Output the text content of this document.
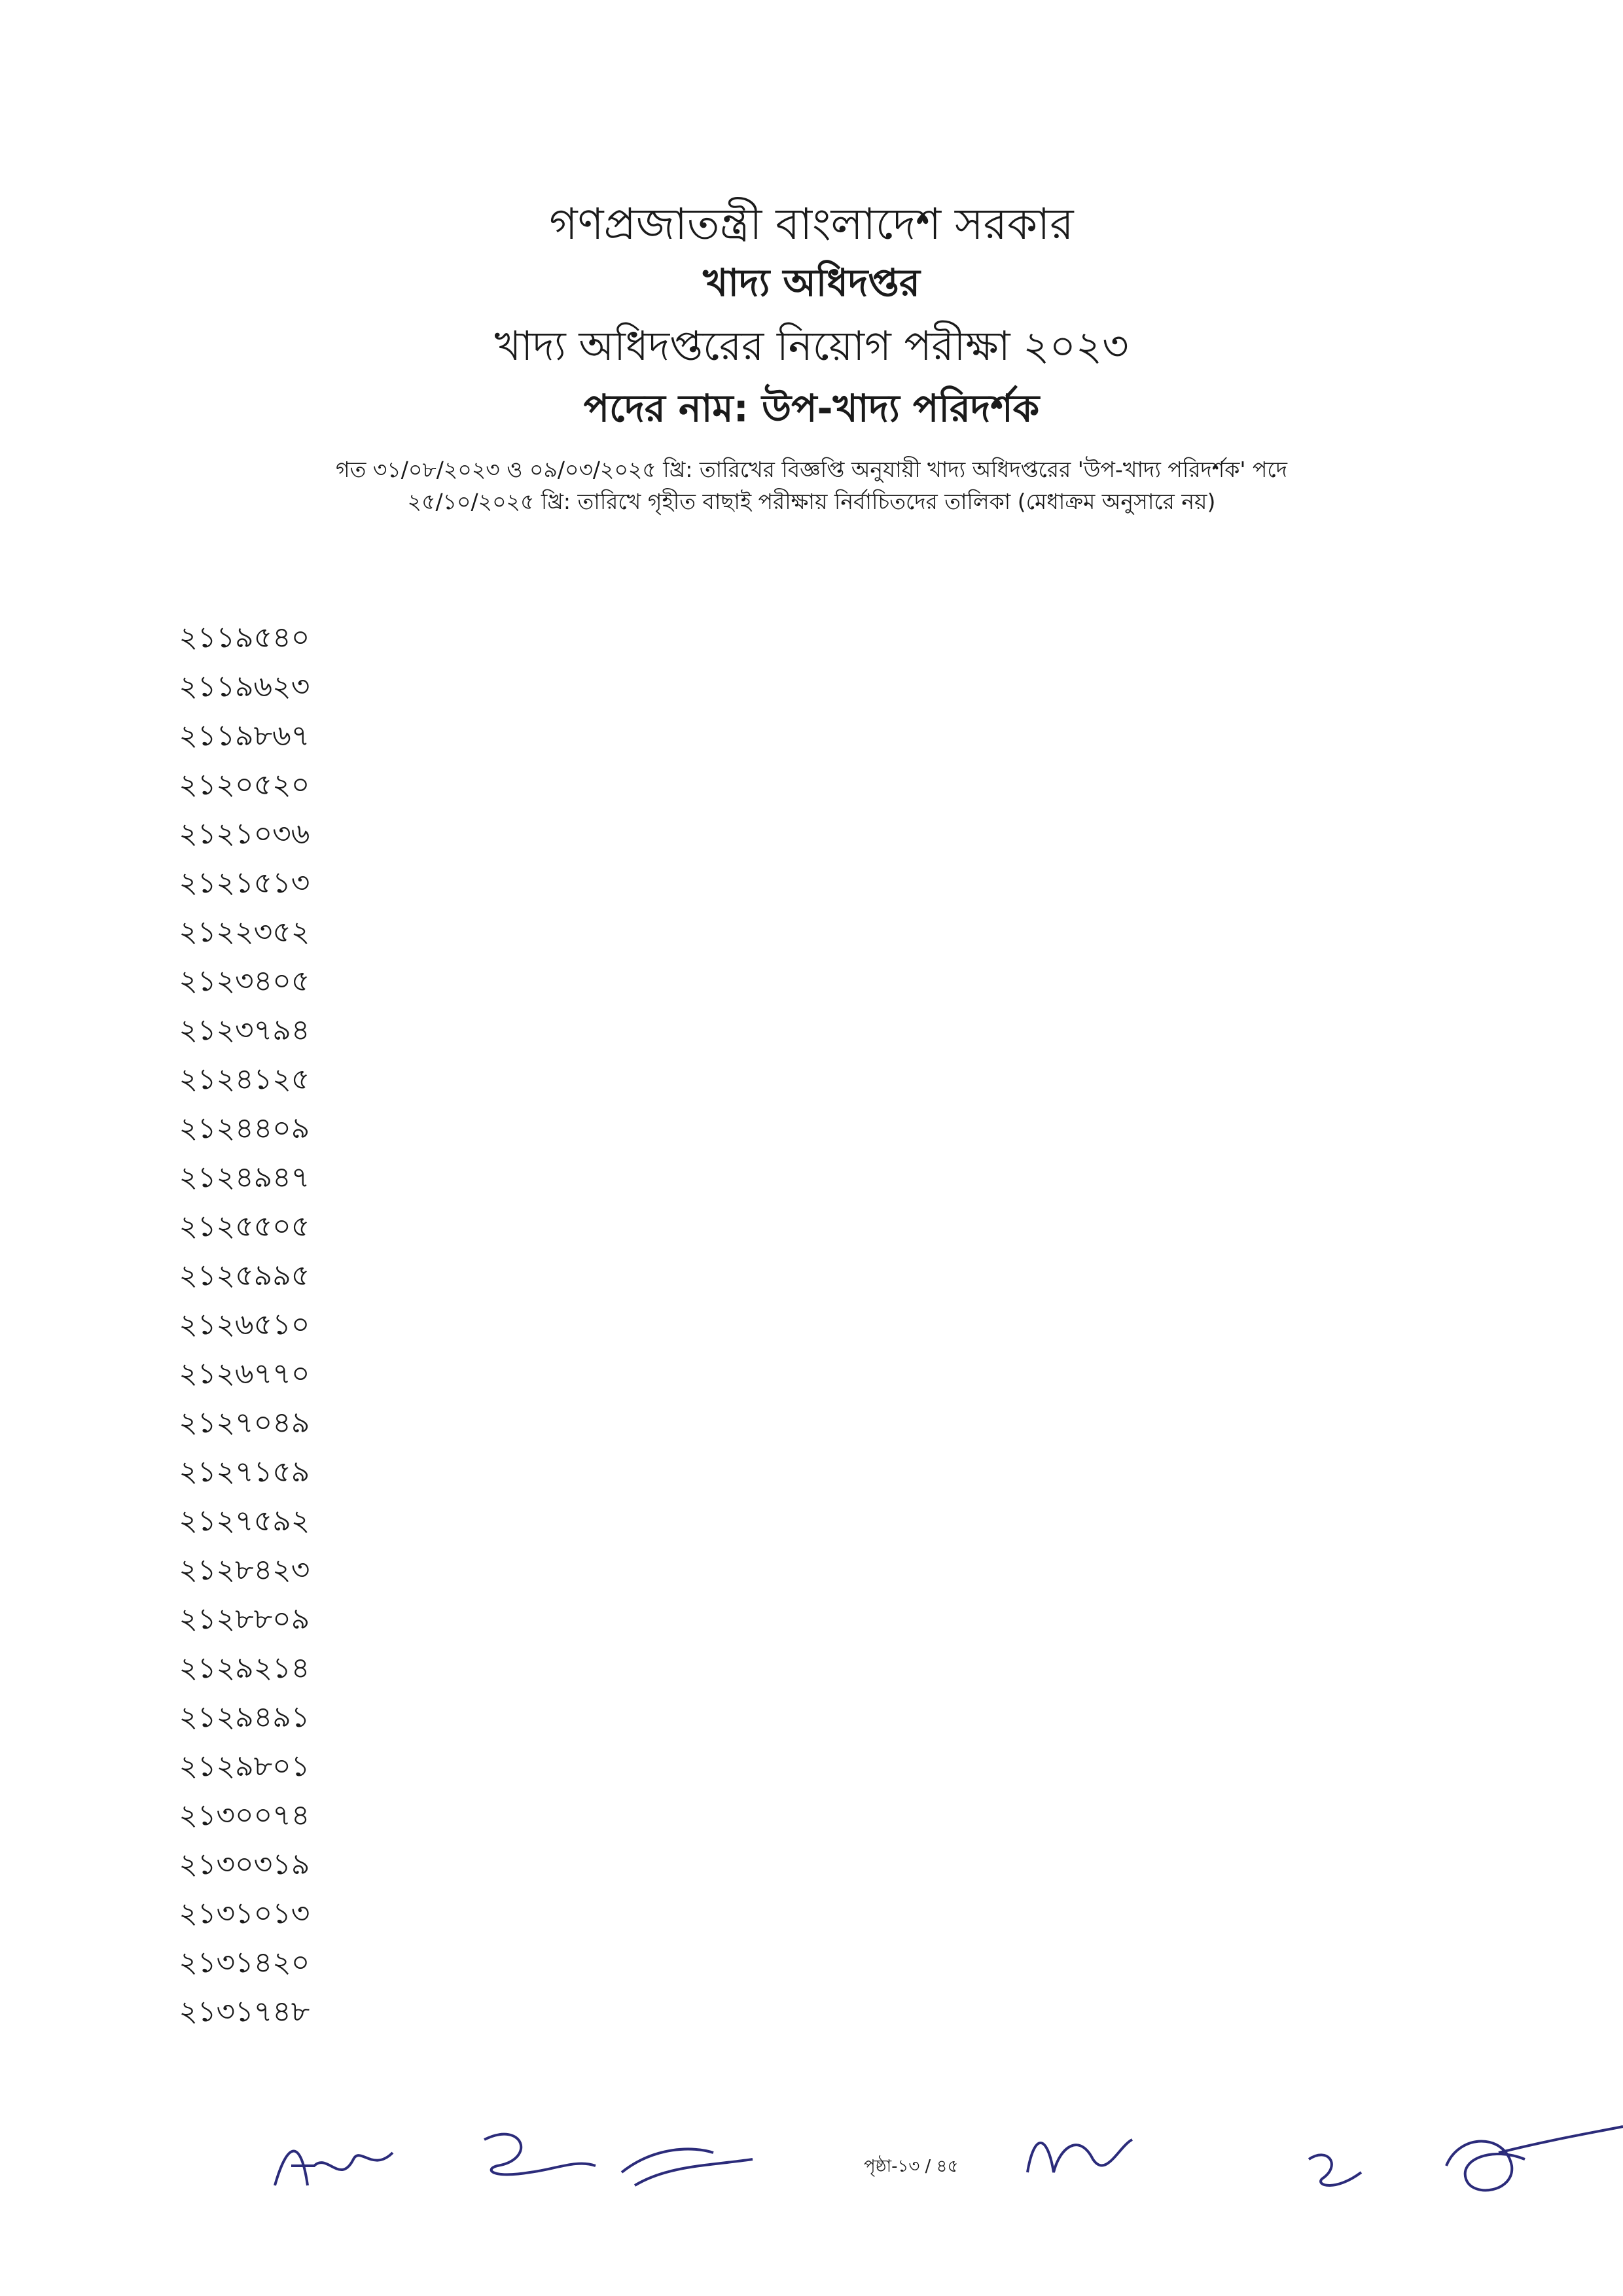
গণপ্রজাতন্ত্রী বাংলাদেশ সরকার

খাদ্য অধিদপ্তর

খাদ্য অধিদপ্তরের নিয়োগ পরীক্ষা ২০২৩

পদের নাম: উপ-খাদ্য পরিদর্শক

গত ৩১/০৮/২০২৩ ও ০৯/০৩/২০২৫ খ্রি: তারিখের বিজ্ঞপ্তি অনুযায়ী খাদ্য অধিদপ্তরের 'উপ-খাদ্য পরিদর্শক' পদে
২৫/১০/২০২৫ খ্রি: তারিখে গৃহীত বাছাই পরীক্ষায় নির্বাচিতদের তালিকা (মেধাক্রম অনুসারে নয়)
২১১৯৫৪০					
২১১৯৬২৩					
২১১৯৮৬৭					
২১২০৫২০					
২১২১০৩৬					
২১২১৫১৩					
২১২২৩৫২					
২১২৩৪০৫					
২১২৩৭৯৪					
২১২৪১২৫					
২১২৪৪০৯					
২১২৪৯৪৭					
২১২৫৫০৫					
২১২৫৯৯৫					
২১২৬৫১০					
২১২৬৭৭০					
২১২৭০৪৯					
২১২৭১৫৯					
২১২৭৫৯২					
২১২৮৪২৩					
২১২৮৮০৯					
২১২৯২১৪					
২১২৯৪৯১					
২১২৯৮০১					
২১৩০০৭৪					
২১৩০৩১৯					
২১৩১০১৩					
২১৩১৪২০					
২১৩১৭৪৮					
পৃষ্ঠা-১৩ / ৪৫
